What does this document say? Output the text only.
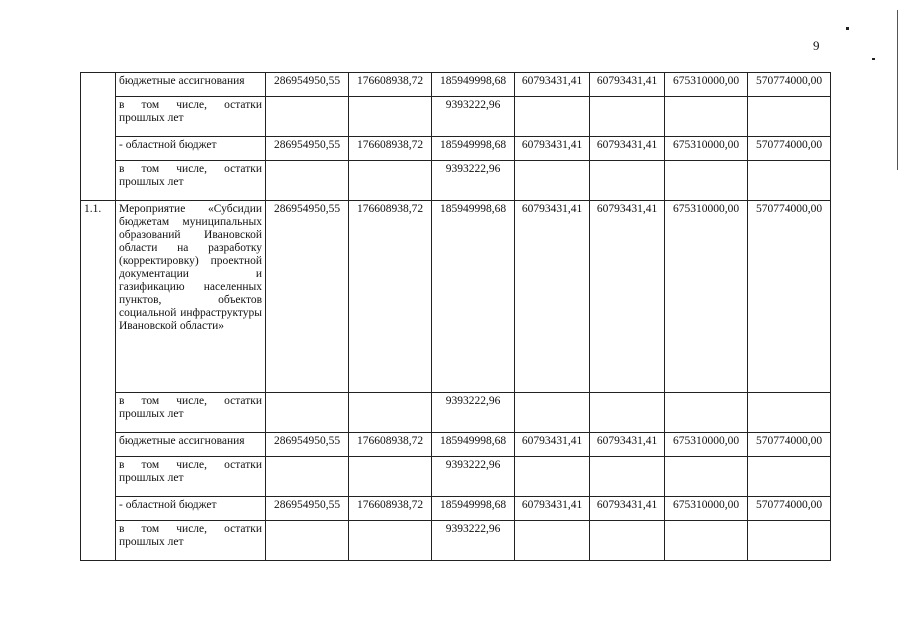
9
	бюджетные ассигнования	286954950,55	176608938,72	185949998,68	60793431,41	60793431,41	675310000,00	570774000,00
	в том числе, остатки прошлых лет			9393222,96				
	- областной бюджет	286954950,55	176608938,72	185949998,68	60793431,41	60793431,41	675310000,00	570774000,00
	в том числе, остатки прошлых лет			9393222,96				
1.1.	Мероприятие «Субсидии бюджетам муниципальных образований Ивановской области на разработку (корректировку) проектной документации и газификацию населенных пунктов, объектов социальной инфраструктуры Ивановской области»	286954950,55	176608938,72	185949998,68	60793431,41	60793431,41	675310000,00	570774000,00
	в том числе, остатки прошлых лет			9393222,96				
	бюджетные ассигнования	286954950,55	176608938,72	185949998,68	60793431,41	60793431,41	675310000,00	570774000,00
	в том числе, остатки прошлых лет			9393222,96				
	- областной бюджет	286954950,55	176608938,72	185949998,68	60793431,41	60793431,41	675310000,00	570774000,00
	в том числе, остатки прошлых лет			9393222,96				
